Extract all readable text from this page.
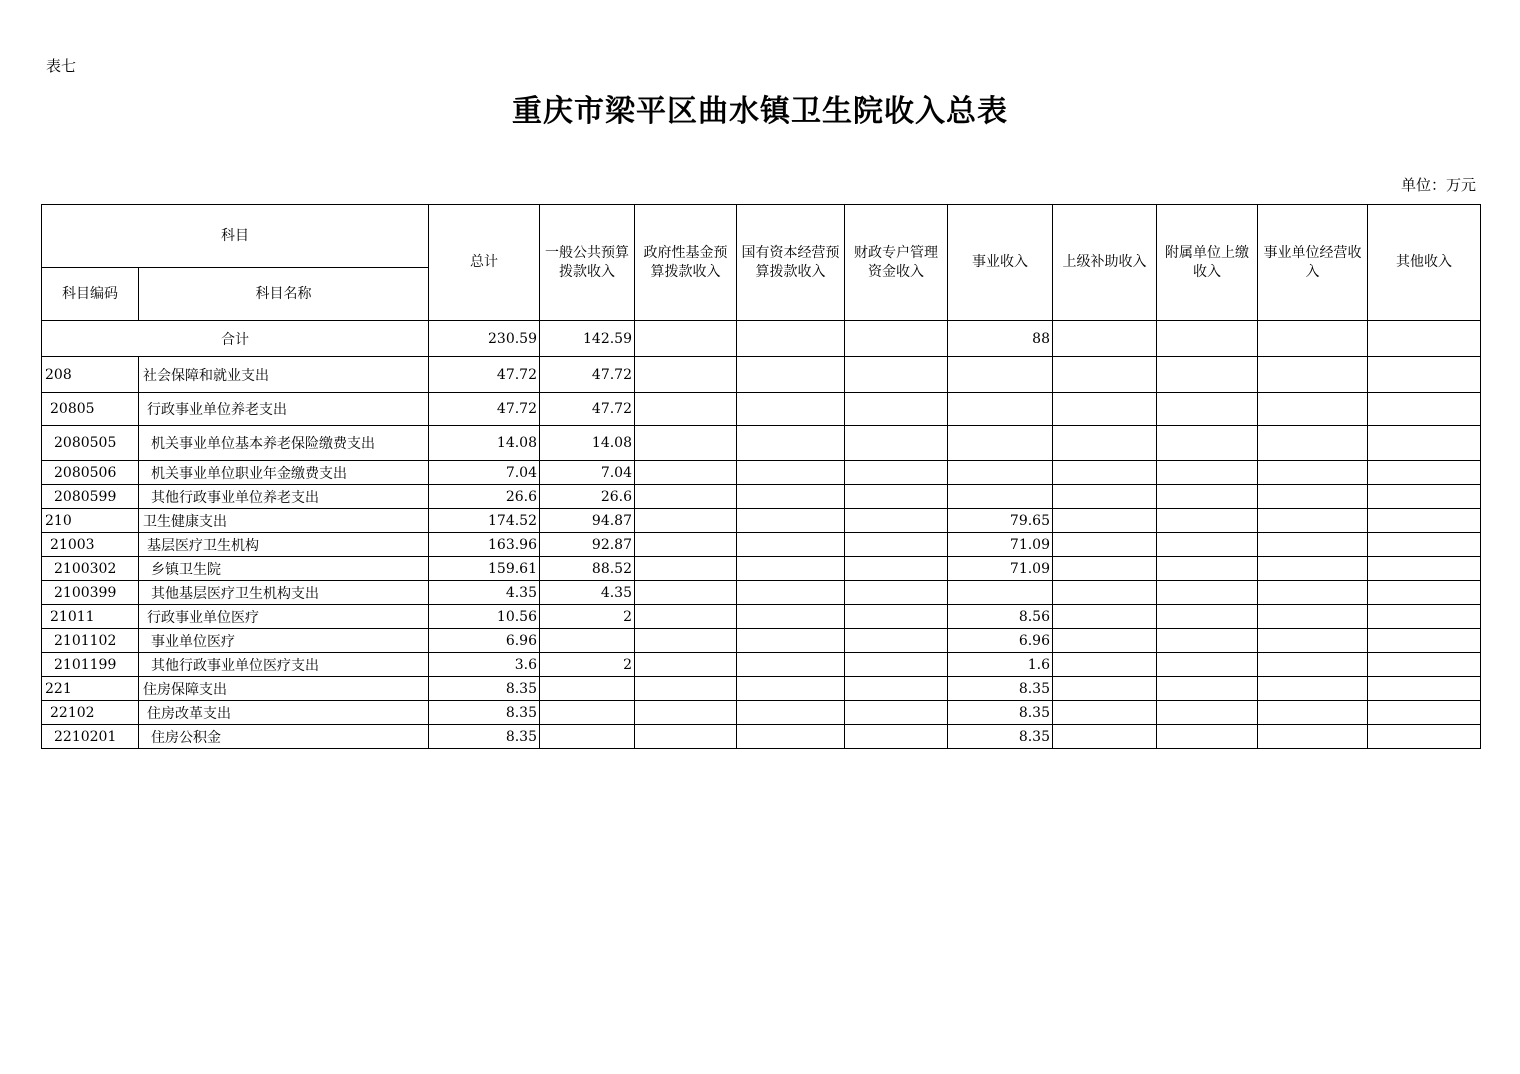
表七
重庆市梁平区曲水镇卫生院收入总表
单位：万元
科目		总计	一般公共预算拨款收入	政府性基金预算拨款收入	国有资本经营预算拨款收入	财政专户管理资金收入	事业收入	上级补助收入	附属单位上缴收入	事业单位经营收入	其他收入
科目编码	科目名称										
合计		230.59	142.59				88				
208	社会保障和就业支出	47.72	47.72								
20805	行政事业单位养老支出	47.72	47.72								
2080505	机关事业单位基本养老保险缴费支出	14.08	14.08								
2080506	机关事业单位职业年金缴费支出	7.04	7.04								
2080599	其他行政事业单位养老支出	26.6	26.6								
210	卫生健康支出	174.52	94.87				79.65				
21003	基层医疗卫生机构	163.96	92.87				71.09				
2100302	乡镇卫生院	159.61	88.52				71.09				
2100399	其他基层医疗卫生机构支出	4.35	4.35								
21011	行政事业单位医疗	10.56	2				8.56				
2101102	事业单位医疗	6.96					6.96				
2101199	其他行政事业单位医疗支出	3.6	2				1.6				
221	住房保障支出	8.35					8.35				
22102	住房改革支出	8.35					8.35				
2210201	住房公积金	8.35					8.35				
